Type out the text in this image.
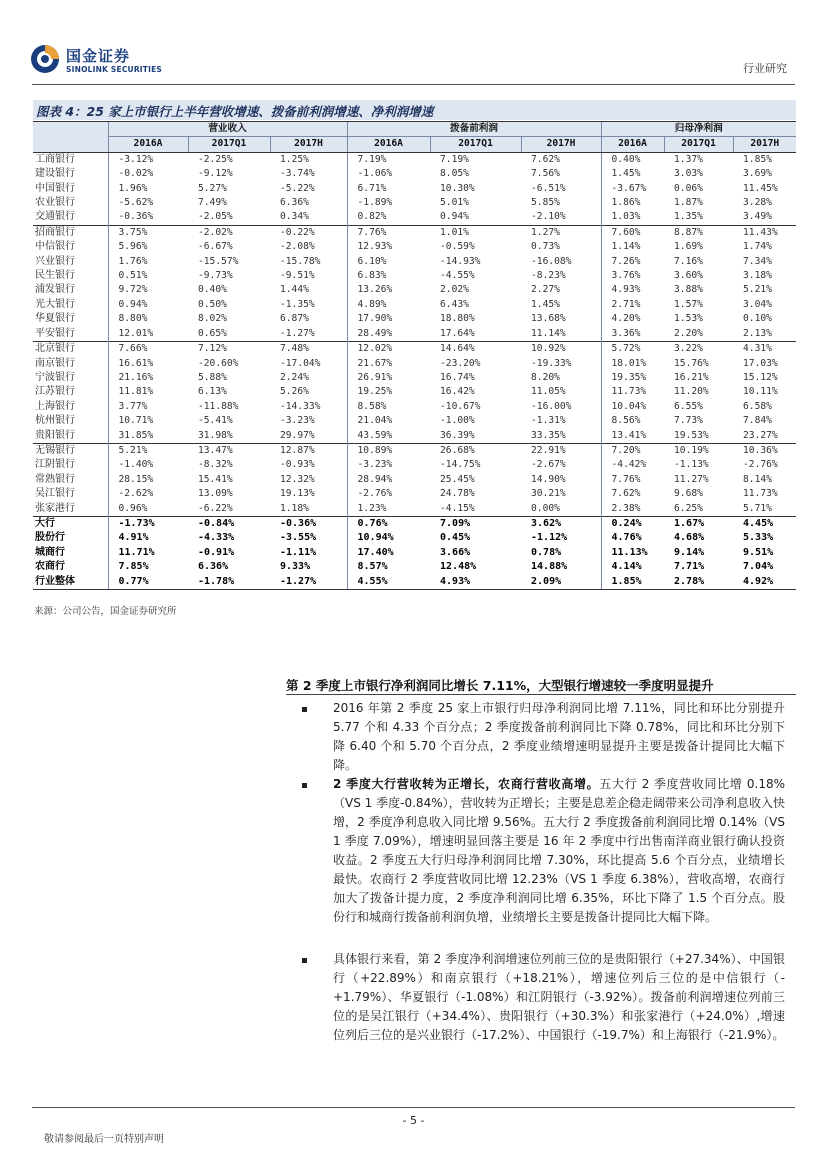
国金证券
SINOLINK SECURITIES	行业研究
图表 4：25 家上市银行上半年营收增速、拨备前利润增速、净利润增速
	营业收入			拨备前利润			归母净利润		
	2016A	2017Q1	2017H	2016A	2017Q1	2017H	2016A	2017Q1	2017H
工商银行	-3.12%	-2.25%	1.25%	7.19%	7.19%	7.62%	0.40%	1.37%	1.85%
建设银行	-0.02%	-9.12%	-3.74%	-1.06%	8.05%	7.56%	1.45%	3.03%	3.69%
中国银行	1.96%	5.27%	-5.22%	6.71%	10.30%	-6.51%	-3.67%	0.06%	11.45%
农业银行	-5.62%	7.49%	6.36%	-1.89%	5.01%	5.85%	1.86%	1.87%	3.28%
交通银行	-0.36%	-2.05%	0.34%	0.82%	0.94%	-2.10%	1.03%	1.35%	3.49%
招商银行	3.75%	-2.02%	-0.22%	7.76%	1.01%	1.27%	7.60%	8.87%	11.43%
中信银行	5.96%	-6.67%	-2.08%	12.93%	-0.59%	0.73%	1.14%	1.69%	1.74%
兴业银行	1.76%	-15.57%	-15.78%	6.10%	-14.93%	-16.08%	7.26%	7.16%	7.34%
民生银行	0.51%	-9.73%	-9.51%	6.83%	-4.55%	-8.23%	3.76%	3.60%	3.18%
浦发银行	9.72%	0.40%	1.44%	13.26%	2.02%	2.27%	4.93%	3.88%	5.21%
光大银行	0.94%	0.50%	-1.35%	4.89%	6.43%	1.45%	2.71%	1.57%	3.04%
华夏银行	8.80%	8.02%	6.87%	17.90%	18.80%	13.68%	4.20%	1.53%	0.10%
平安银行	12.01%	0.65%	-1.27%	28.49%	17.64%	11.14%	3.36%	2.20%	2.13%
北京银行	7.66%	7.12%	7.48%	12.02%	14.64%	10.92%	5.72%	3.22%	4.31%
南京银行	16.61%	-20.60%	-17.04%	21.67%	-23.20%	-19.33%	18.01%	15.76%	17.03%
宁波银行	21.16%	5.88%	2.24%	26.91%	16.74%	8.20%	19.35%	16.21%	15.12%
江苏银行	11.81%	6.13%	5.26%	19.25%	16.42%	11.05%	11.73%	11.20%	10.11%
上海银行	3.77%	-11.88%	-14.33%	8.58%	-10.67%	-16.00%	10.04%	6.55%	6.58%
杭州银行	10.71%	-5.41%	-3.23%	21.04%	-1.00%	-1.31%	8.56%	7.73%	7.84%
贵阳银行	31.85%	31.98%	29.97%	43.59%	36.39%	33.35%	13.41%	19.53%	23.27%
无锡银行	5.21%	13.47%	12.87%	10.89%	26.68%	22.91%	7.20%	10.19%	10.36%
江阴银行	-1.40%	-8.32%	-0.93%	-3.23%	-14.75%	-2.67%	-4.42%	-1.13%	-2.76%
常熟银行	28.15%	15.41%	12.32%	28.94%	25.45%	14.90%	7.76%	11.27%	8.14%
吴江银行	-2.62%	13.09%	19.13%	-2.76%	24.78%	30.21%	7.62%	9.68%	11.73%
张家港行	0.96%	-6.22%	1.18%	1.23%	-4.15%	0.00%	2.38%	6.25%	5.71%
大行	-1.73%	-0.84%	-0.36%	0.76%	7.09%	3.62%	0.24%	1.67%	4.45%
股份行	4.91%	-4.33%	-3.55%	10.94%	0.45%	-1.12%	4.76%	4.68%	5.33%
城商行	11.71%	-0.91%	-1.11%	17.40%	3.66%	0.78%	11.13%	9.14%	9.51%
农商行	7.85%	6.36%	9.33%	8.57%	12.48%	14.88%	4.14%	7.71%	7.04%
行业整体	0.77%	-1.78%	-1.27%	4.55%	4.93%	2.09%	1.85%	2.78%	4.92%
来源：公司公告，国金证券研究所
第 2 季度上市银行净利润同比增长 7.11%，大型银行增速较一季度明显提升
2016 年第 2 季度 25 家上市银行归母净利润同比增 7.11%，同比和环比分别提升 5.77 个和 4.33 个百分点；2 季度拨备前利润同比下降 0.78%，同比和环比分别下降 6.40 个和 5.70 个百分点，2 季度业绩增速明显提升主要是拨备计提同比大幅下降。
2 季度大行营收转为正增长，农商行营收高增。五大行 2 季度营收同比增 0.18%（VS 1 季度-0.84%），营收转为正增长；主要是息差企稳走阔带来公司净利息收入快增，2 季度净利息收入同比增 9.56%。五大行 2 季度拨备前利润同比增 0.14%（VS 1 季度 7.09%），增速明显回落主要是 16 年 2 季度中行出售南洋商业银行确认投资收益。2 季度五大行归母净利润同比增 7.30%，环比提高 5.6 个百分点，业绩增长最快。农商行 2 季度营收同比增 12.23%（VS 1 季度 6.38%），营收高增，农商行加大了拨备计提力度，2 季度净利润同比增 6.35%，环比下降了 1.5 个百分点。股份行和城商行拨备前利润负增，业绩增长主要是拨备计提同比大幅下降。
具体银行来看，第 2 季度净利润增速位列前三位的是贵阳银行（+27.34%）、中国银行（+22.89%）和南京银行（+18.21%），增速位列后三位的是中信银行（-+1.79%）、华夏银行（-1.08%）和江阴银行（-3.92%）。拨备前利润增速位列前三位的是吴江银行（+34.4%）、贵阳银行（+30.3%）和张家港行（+24.0%）,增速位列后三位的是兴业银行（-17.2%）、中国银行（-19.7%）和上海银行（-21.9%）。
- 5 -
敬请参阅最后一页特别声明
